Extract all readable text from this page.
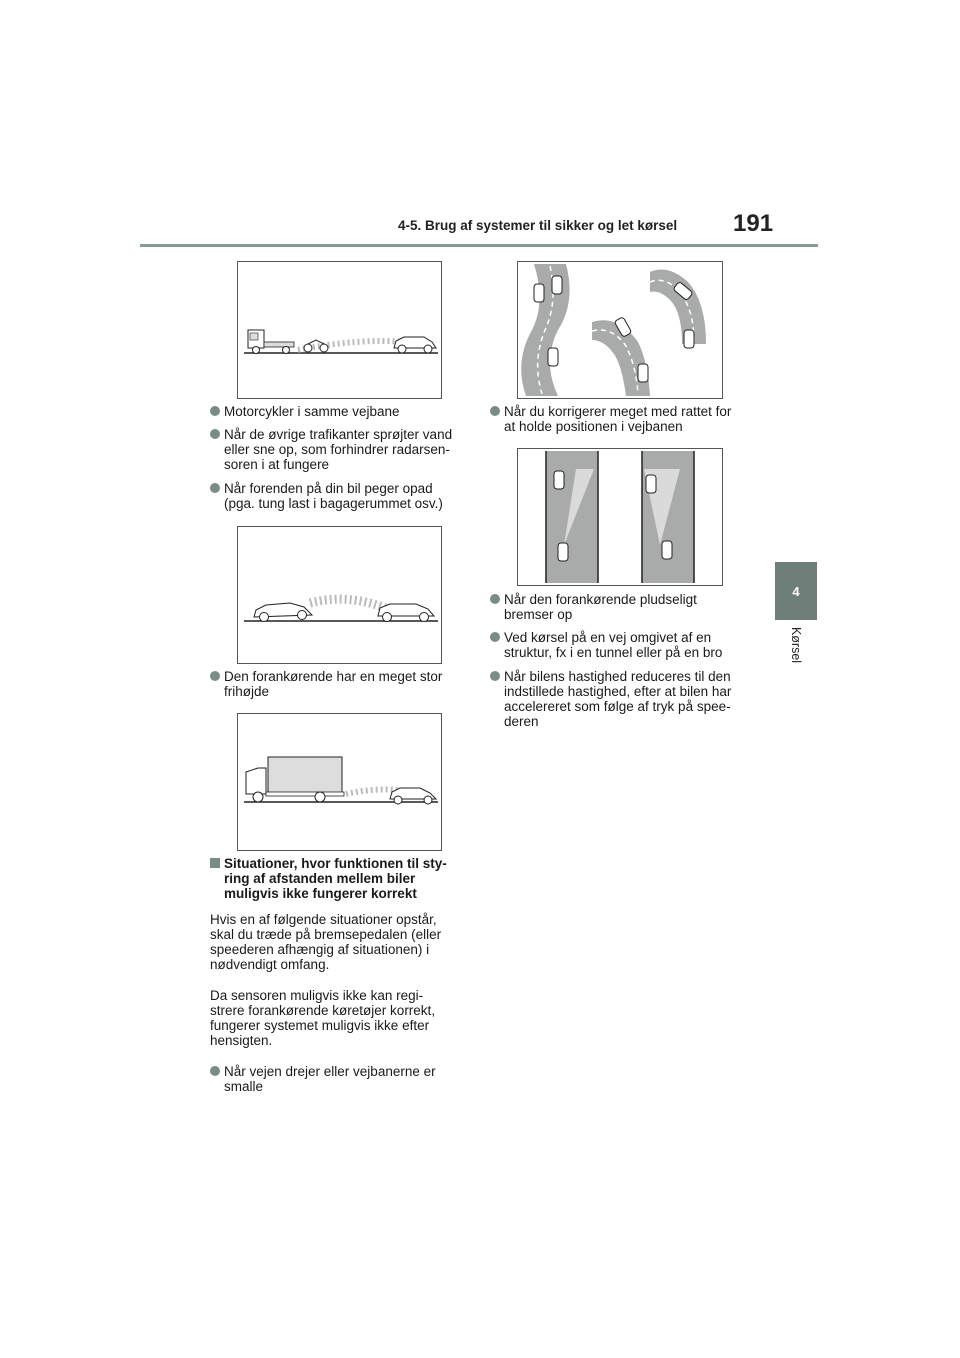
4-5. Brug af systemer til sikker og let kørsel 191
4
Kørsel
Motorcykler i samme vejbane
Når de øvrige trafikanter sprøjter vand
eller sne op, som forhindrer radarsen-
soren i at fungere
Når forenden på din bil peger opad
(pga. tung last i bagagerummet osv.)
Den forankørende har en meget stor
frihøjde
Situationer, hvor funktionen til sty-
ring af afstanden mellem biler
muligvis ikke fungerer korrekt
Hvis en af følgende situationer opstår,
skal du træde på bremsepedalen (eller
speederen afhængig af situationen) i
nødvendigt omfang.
Da sensoren muligvis ikke kan regi-
strere forankørende køretøjer korrekt,
fungerer systemet muligvis ikke efter
hensigten.
Når vejen drejer eller vejbanerne er
smalle
Når du korrigerer meget med rattet for
at holde positionen i vejbanen
Når den forankørende pludseligt
bremser op
Ved kørsel på en vej omgivet af en
struktur, fx i en tunnel eller på en bro
Når bilens hastighed reduceres til den
indstillede hastighed, efter at bilen har
accelereret som følge af tryk på spee-
deren
